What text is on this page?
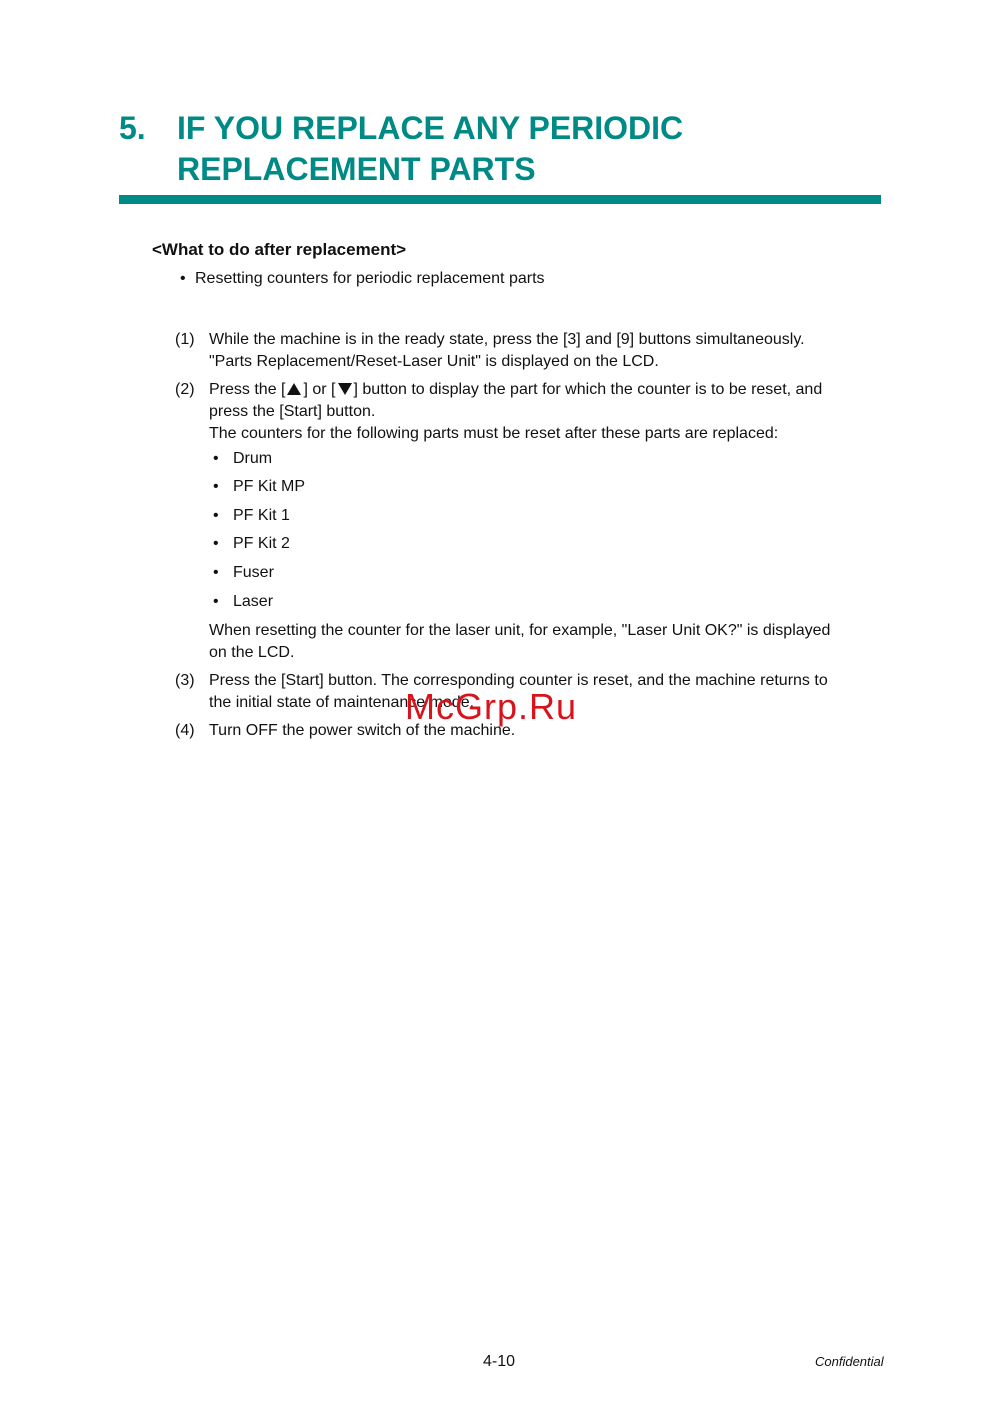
5. IF YOU REPLACE ANY PERIODIC REPLACEMENT PARTS
<What to do after replacement>
• Resetting counters for periodic replacement parts
(1) While the machine is in the ready state, press the [3] and [9] buttons simultaneously.
"Parts Replacement/Reset-Laser Unit" is displayed on the LCD.
(2) Press the [ ] or [ ] button to display the part for which the counter is to be reset, and
press the [Start] button.
The counters for the following parts must be reset after these parts are replaced:
• Drum
• PF Kit MP
• PF Kit 1
• PF Kit 2
• Fuser
• Laser
When resetting the counter for the laser unit, for example, "Laser Unit OK?" is displayed
on the LCD.
(3) Press the [Start] button. The corresponding counter is reset, and the machine returns to
the initial state of maintenance mode.
(4) Turn OFF the power switch of the machine.
McGrp.Ru
4-10	Confidential
